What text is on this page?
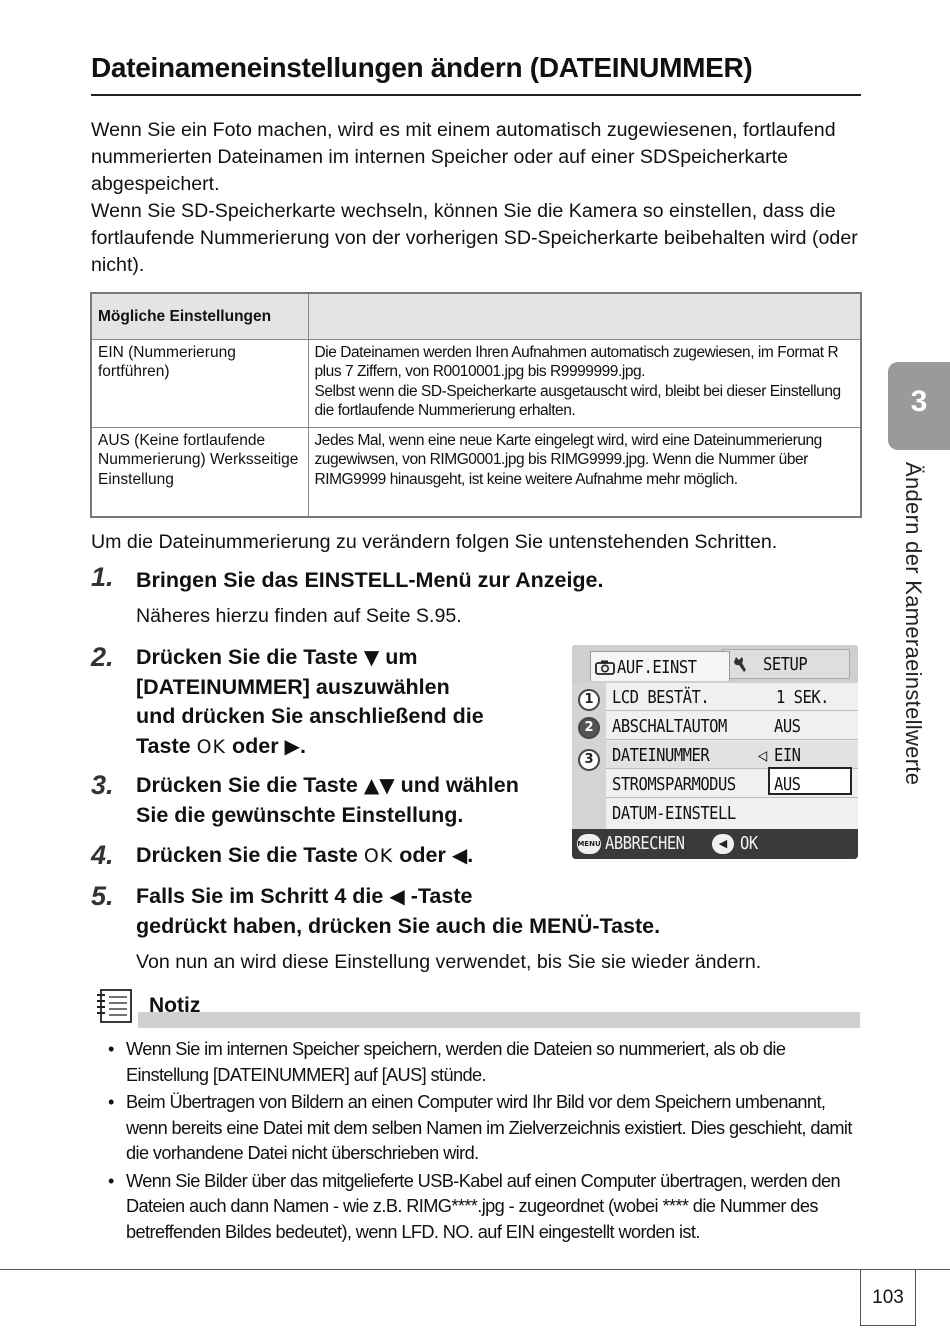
Dateinameneinstellungen ändern (DATEINUMMER)

Wenn Sie ein Foto machen, wird es mit einem automatisch zugewiesenen, fortlaufend nummerierten Dateinamen im internen Speicher oder auf einer SDSpeicherkarte abgespeichert.

Wenn Sie SD-Speicherkarte wechseln, können Sie die Kamera so einstellen, dass die fortlaufende Nummerierung von der vorherigen SD-Speicherkarte beibehalten wird (oder nicht).

Mögliche Einstellungen	
EIN (Nummerierung fortführen)	Die Dateinamen werden Ihren Aufnahmen automatisch zugewiesen, im Format R plus 7 Ziffern, von R0010001.jpg bis R9999999.jpg.
Selbst wenn die SD-Speicherkarte ausgetauscht wird, bleibt bei dieser Einstellung die fortlaufende Nummerierung erhalten.

AUS (Keine fortlaufende Nummerierung) Werksseitige Einstellung	Jedes Mal, wenn eine neue Karte eingelegt wird, wird eine Dateinummerierung zugewiwsen, von RIMG0001.jpg bis RIMG9999.jpg. Wenn die Nummer über RIMG9999 hinausgeht, ist keine weitere Aufnahme mehr möglich.
Um die Dateinummerierung zu verändern folgen Sie untenstehenden Schritten.
1. Bringen Sie das EINSTELL-Menü zur Anzeige.
Näheres hierzu finden auf Seite S.95.
2. Drücken Sie die Taste ▼ um
[DATEINUMMER] auszuwählen
und drücken Sie anschließend die
Taste OK oder ▶.
3. Drücken Sie die Taste ▲▼ und wählen
Sie die gewünschte Einstellung.
4. Drücken Sie die Taste OK oder ◀.
5. Falls Sie im Schritt 4 die ◀ -Taste
gedrückt haben, drücken Sie auch die MENÜ-Taste.
Von nun an wird diese Einstellung verwendet, bis Sie sie wieder ändern.
SETUP
AUF.EINST
1
2
3
LCD BESTÄT.	1 SEK.
ABSCHALTAUTOM	AUS
DATEINUMMER	◁ EIN
STROMSPARMODUS AUS
DATUM-EINSTELL
MENU ABBRECHEN	◀ OK
Notiz
• Wenn Sie im internen Speicher speichern, werden die Dateien so nummeriert, als ob die Einstellung [DATEINUMMER] auf [AUS] stünde.
• Beim Übertragen von Bildern an einen Computer wird Ihr Bild vor dem Speichern umbenannt, wenn bereits eine Datei mit dem selben Namen im Zielverzeichnis existiert. Dies geschieht, damit die vorhandene Datei nicht überschrieben wird.
• Wenn Sie Bilder über das mitgelieferte USB-Kabel auf einen Computer übertragen, werden den Dateien auch dann Namen - wie z.B. RIMG****.jpg - zugeordnet (wobei **** die Nummer des betreffenden Bildes bedeutet), wenn LFD. NO. auf EIN eingestellt worden ist.
3
Ändern der Kameraeinstellwerte
103
